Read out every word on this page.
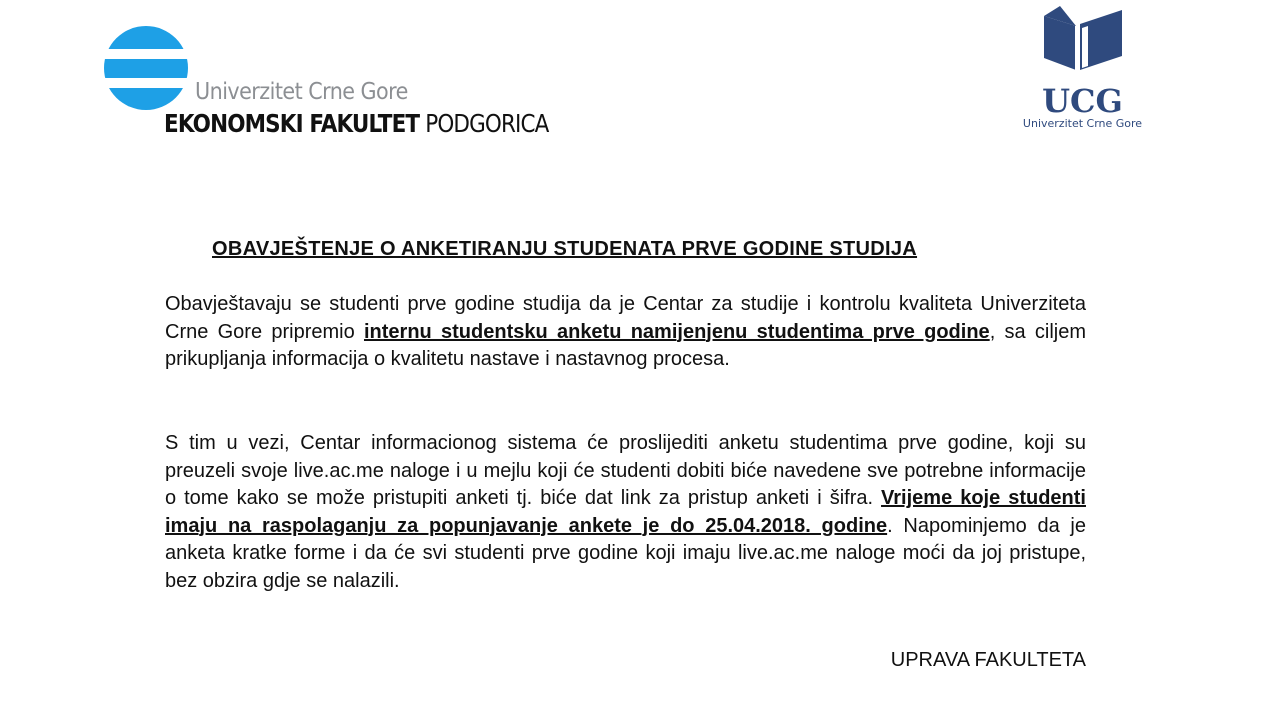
Univerzitet Crne Gore
EKONOMSKI FAKULTET PODGORICA
UCG
Univerzitet Crne Gore
OBAVJEŠTENJE O ANKETIRANJU STUDENATA PRVE GODINE STUDIJA

Obavještavaju se studenti prve godine studija da je Centar za studije i kontrolu kvaliteta Univerziteta Crne Gore pripremio internu studentsku anketu namijenjenu studentima prve godine, sa ciljem prikupljanja informacija o kvalitetu nastave i nastavnog procesa.

S tim u vezi, Centar informacionog sistema će proslijediti anketu studentima prve godine, koji su preuzeli svoje live.ac.me naloge i u mejlu koji će studenti dobiti biće navedene sve potrebne informacije o tome kako se može pristupiti anketi tj. biće dat link za pristup anketi i šifra. Vrijeme koje studenti imaju na raspolaganju za popunjavanje ankete je do 25.04.2018. godine. Napominjemo da je anketa kratke forme i da će svi studenti prve godine koji imaju live.ac.me naloge moći da joj pristupe, bez obzira gdje se nalazili.

UPRAVA FAKULTETA
